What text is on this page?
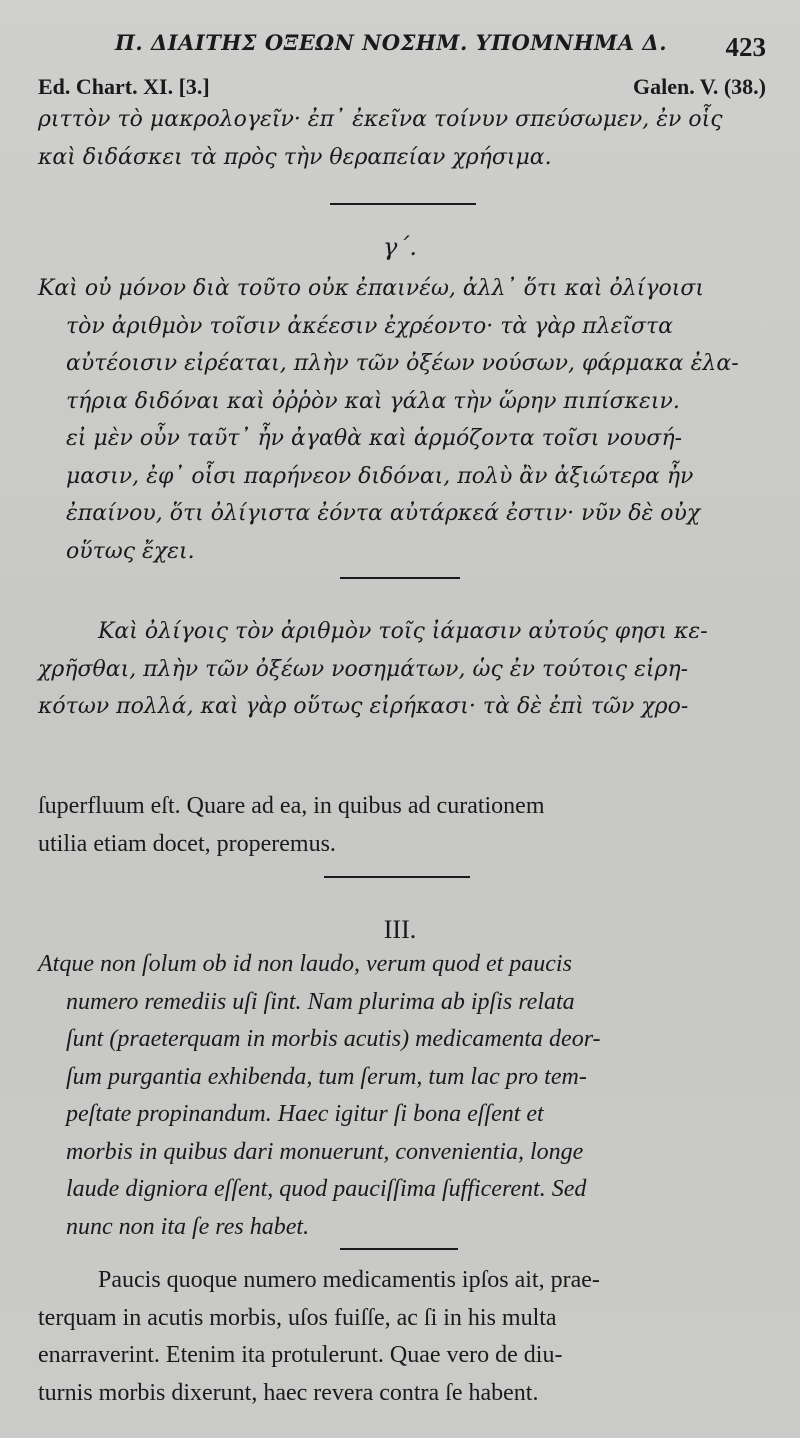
Π. ΔΙΑΙΤΗΣ ΟΞΕΩΝ ΝΟΣΗΜ. ΥΠΟΜΝΗΜΑ Δ. 423
Ed. Chart. XI. [3.]	Galen. V. (38.)
ριττὸν τὸ μακρολογεῖν· ἐπ᾽ ἐκεῖνα τοίνυν σπεύσωμεν, ἐν οἷς
καὶ διδάσκει τὰ πρὸς τὴν θεραπείαν χρήσιμα.
γ΄.
Καὶ οὐ μόνον διὰ τοῦτο οὐκ ἐπαινέω, ἀλλ᾽ ὅτι καὶ ὀλίγοισι
τὸν ἀριθμὸν τοῖσιν ἀκέεσιν ἐχρέοντο· τὰ γὰρ πλεῖστα
αὐτέοισιν εἰρέαται, πλὴν τῶν ὀξέων νούσων, φάρμακα ἐλα-
τήρια διδόναι καὶ ὀῤῥὸν καὶ γάλα τὴν ὥρην πιπίσκειν.
εἰ μὲν οὖν ταῦτ᾽ ἦν ἀγαθὰ καὶ ἁρμόζοντα τοῖσι νουσή-
μασιν, ἐφ᾽ οἷσι παρήνεον διδόναι, πολὺ ἂν ἀξιώτερα ἦν
ἐπαίνου, ὅτι ὀλίγιστα ἐόντα αὐτάρκεά ἐστιν· νῦν δὲ οὐχ
οὕτως ἔχει.
Καὶ ὀλίγοις τὸν ἀριθμὸν τοῖς ἰάμασιν αὐτούς φησι κε-
χρῆσθαι, πλὴν τῶν ὀξέων νοσημάτων, ὡς ἐν τούτοις εἰρη-
κότων πολλά, καὶ γὰρ οὕτως εἰρήκασι· τὰ δὲ ἐπὶ τῶν χρο-
ſuperfluum eſt. Quare ad ea, in quibus ad curationem
utilia etiam docet, properemus.
III.
Atque non ſolum ob id non laudo, verum quod et paucis
numero remediis uſi ſint. Nam plurima ab ipſis relata
ſunt (praeterquam in morbis acutis) medicamenta deor-
ſum purgantia exhibenda, tum ſerum, tum lac pro tem-
peſtate propinandum. Haec igitur ſi bona eſſent et
morbis in quibus dari monuerunt, convenientia, longe
laude digniora eſſent, quod pauciſſima ſufficerent. Sed
nunc non ita ſe res habet.
Paucis quoque numero medicamentis ipſos ait, prae-
terquam in acutis morbis, uſos fuiſſe, ac ſi in his multa
enarraverint. Etenim ita protulerunt. Quae vero de diu-
turnis morbis dixerunt, haec revera contra ſe habent.
